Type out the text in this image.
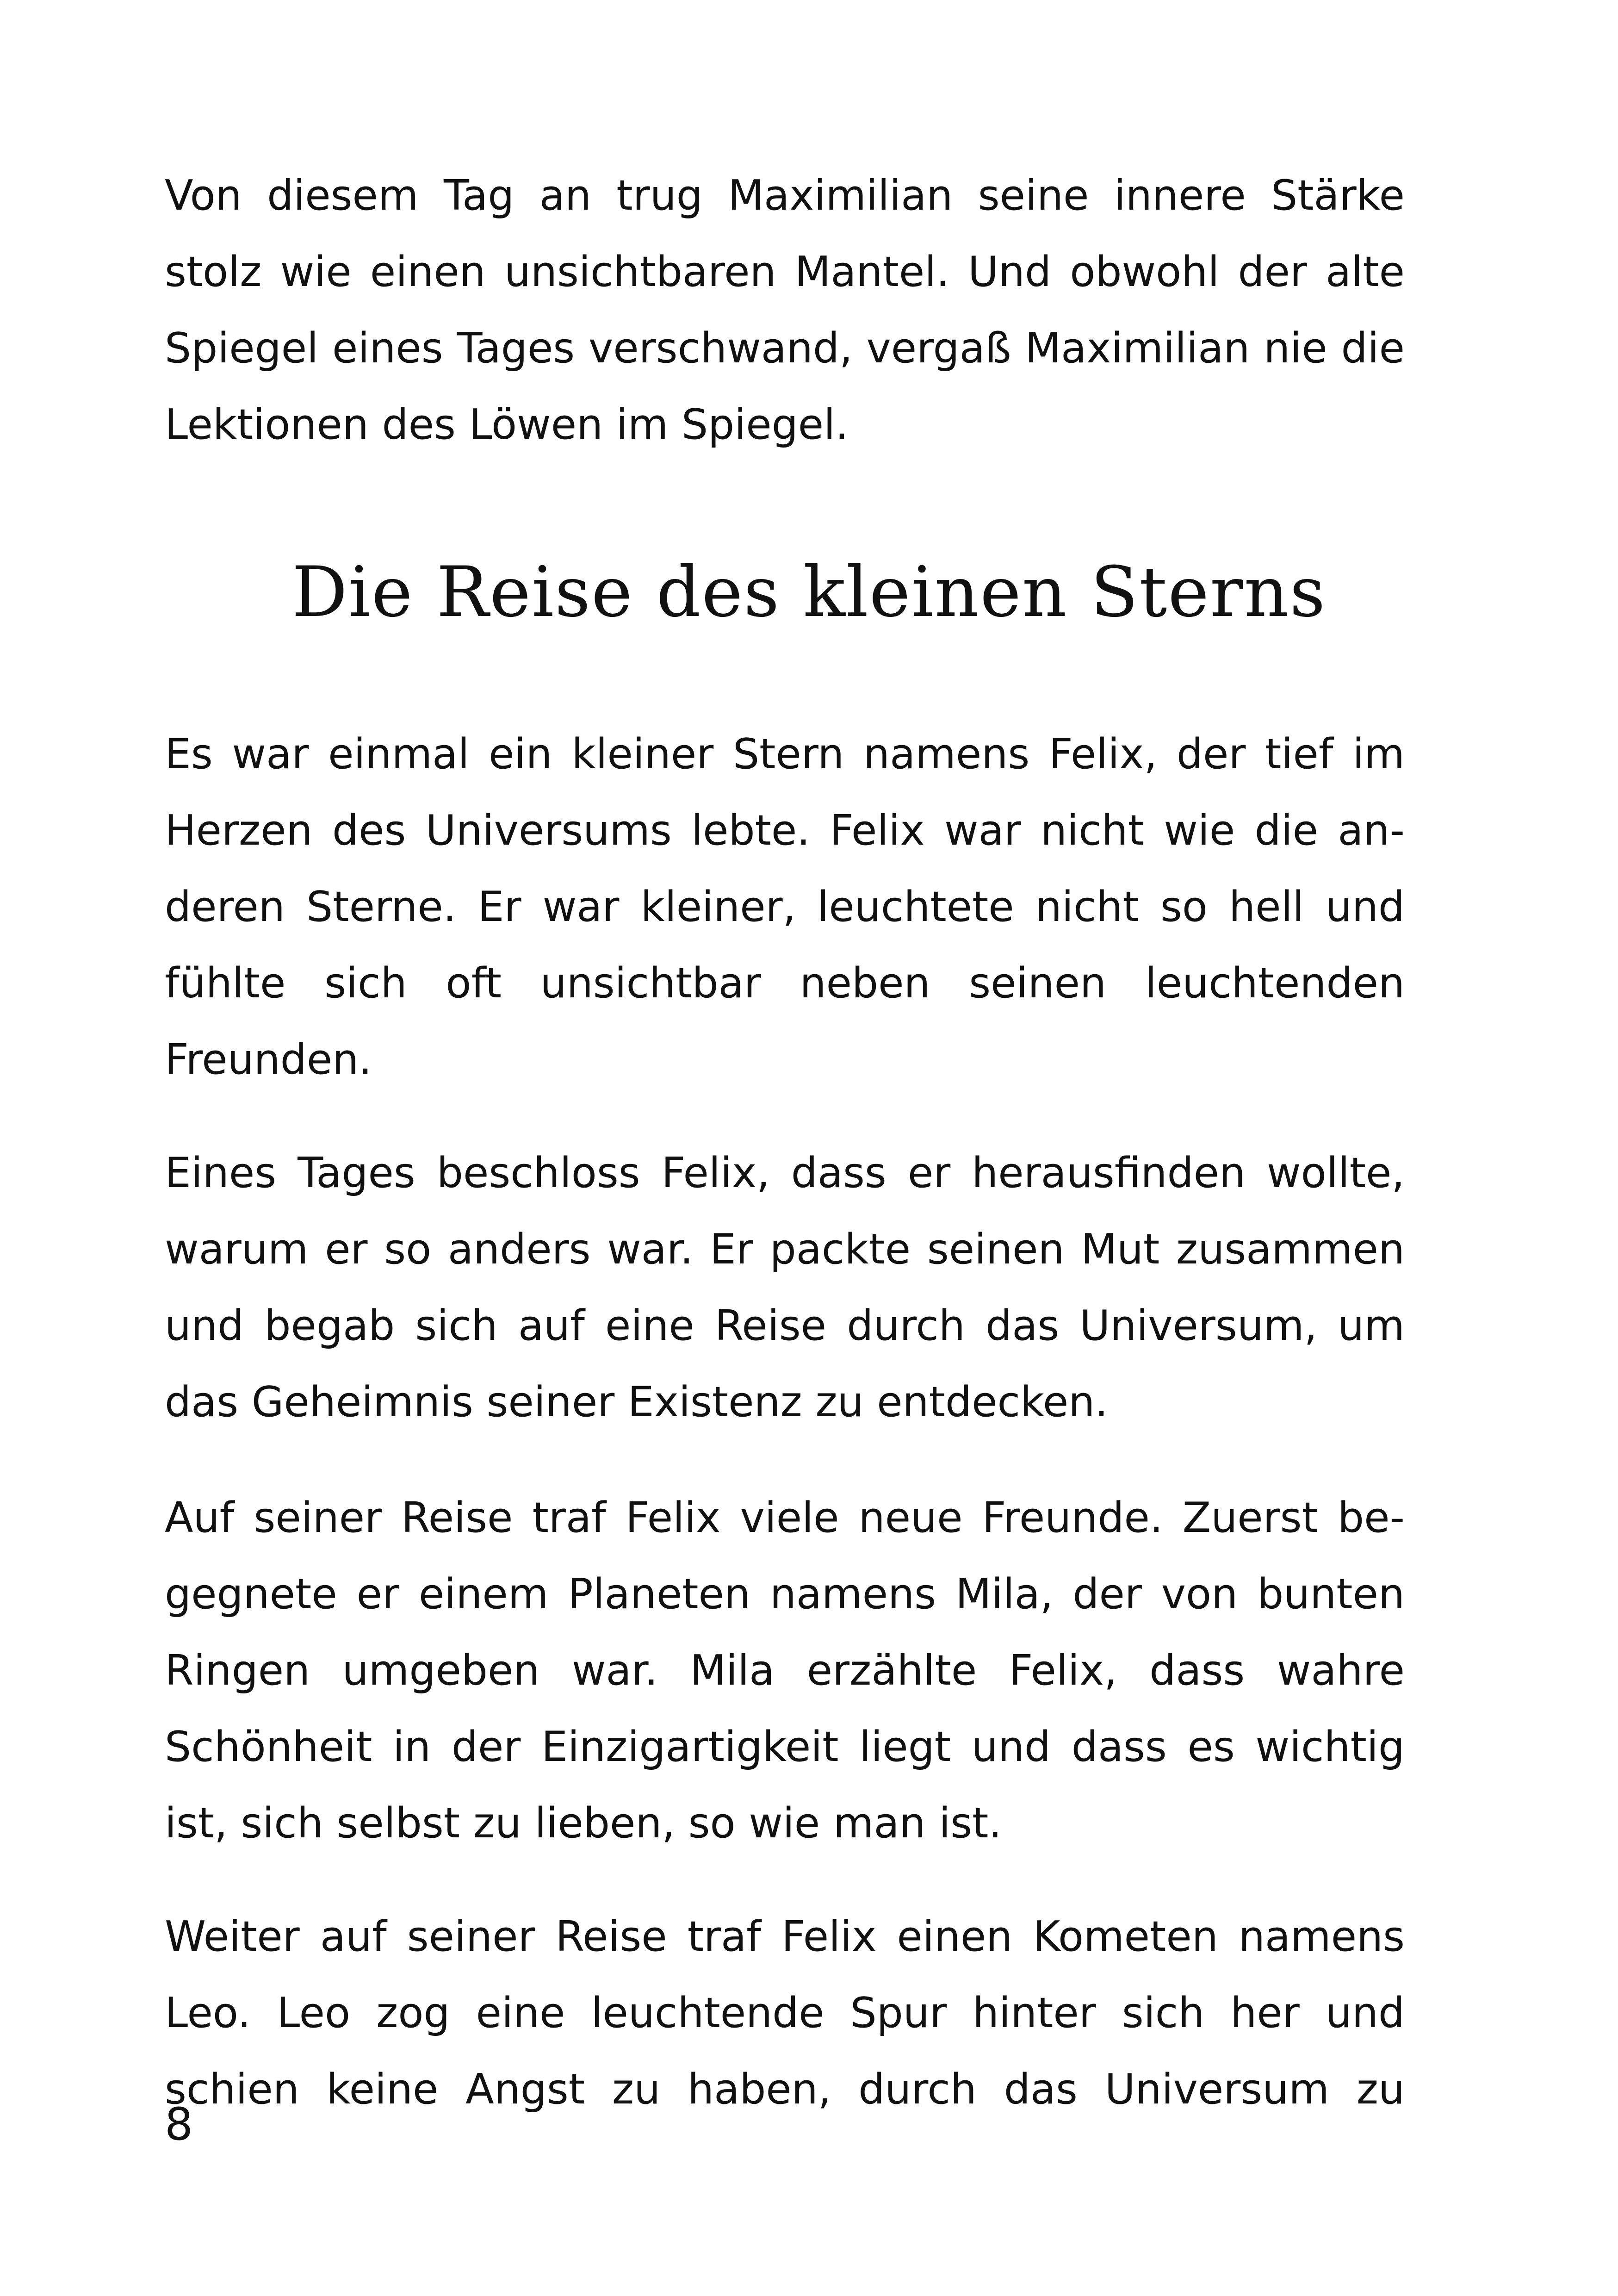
Von diesem Tag an trug Maximilian seine innere Stärke
stolz wie einen unsichtbaren Mantel. Und obwohl der alte
Spiegel eines Tages verschwand, vergaß Maximilian nie die
Lektionen des Löwen im Spiegel.
Die Reise des kleinen Sterns
Es war einmal ein kleiner Stern namens Felix, der tief im
Herzen des Universums lebte. Felix war nicht wie die an-
deren Sterne. Er war kleiner, leuchtete nicht so hell und
fühlte sich oft unsichtbar neben seinen leuchtenden
Freunden.
Eines Tages beschloss Felix, dass er herausfinden wollte,
warum er so anders war. Er packte seinen Mut zusammen
und begab sich auf eine Reise durch das Universum, um
das Geheimnis seiner Existenz zu entdecken.
Auf seiner Reise traf Felix viele neue Freunde. Zuerst be-
gegnete er einem Planeten namens Mila, der von bunten
Ringen umgeben war. Mila erzählte Felix, dass wahre
Schönheit in der Einzigartigkeit liegt und dass es wichtig
ist, sich selbst zu lieben, so wie man ist.
Weiter auf seiner Reise traf Felix einen Kometen namens
Leo. Leo zog eine leuchtende Spur hinter sich her und
schien keine Angst zu haben, durch das Universum zu

8
